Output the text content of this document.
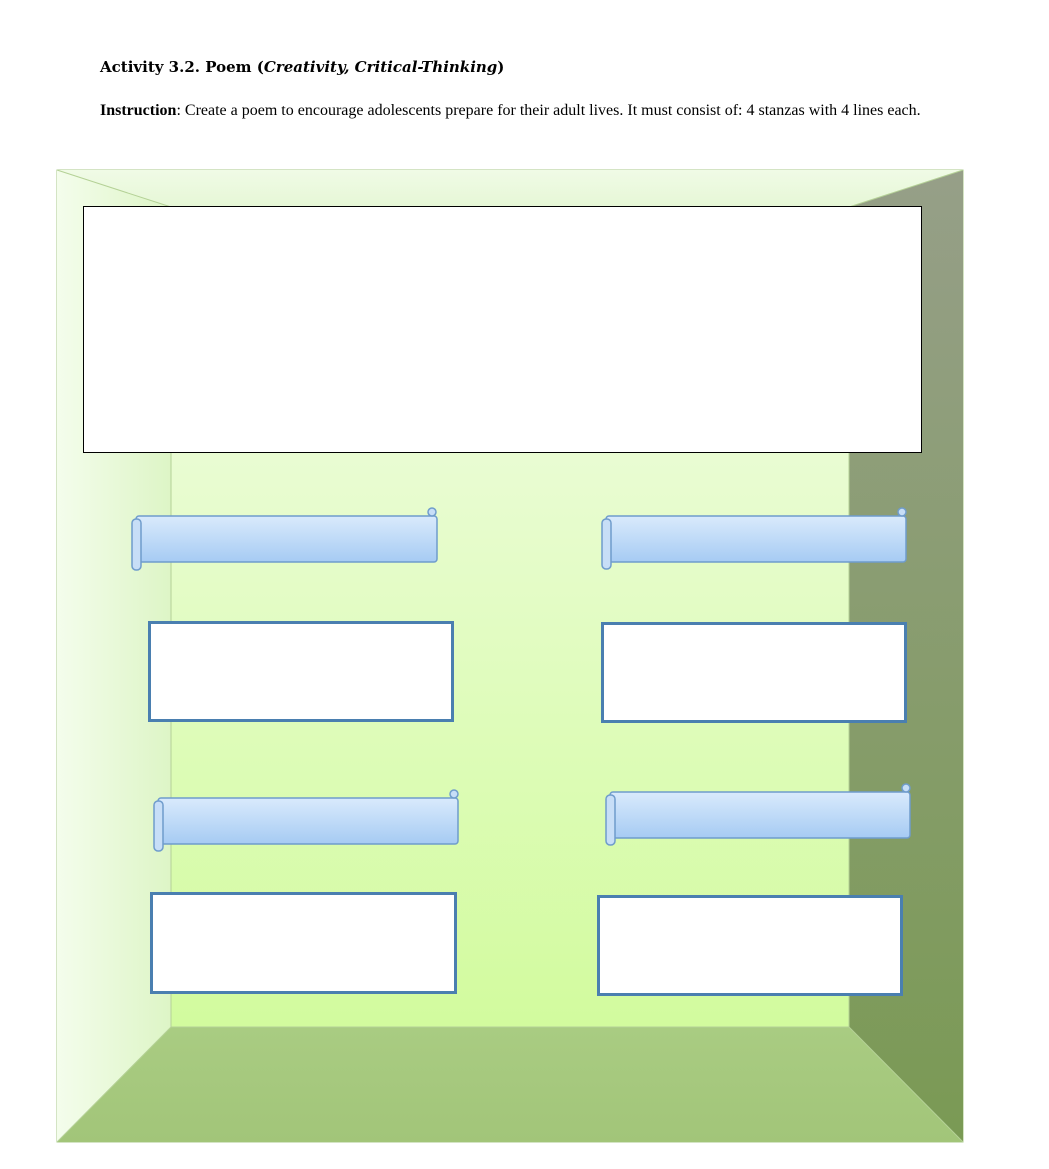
Activity 3.2. Poem (Creativity, Critical-Thinking)
Instruction: Create a poem to encourage adolescents prepare for their adult lives. It must consist of: 4 stanzas with 4 lines each.
